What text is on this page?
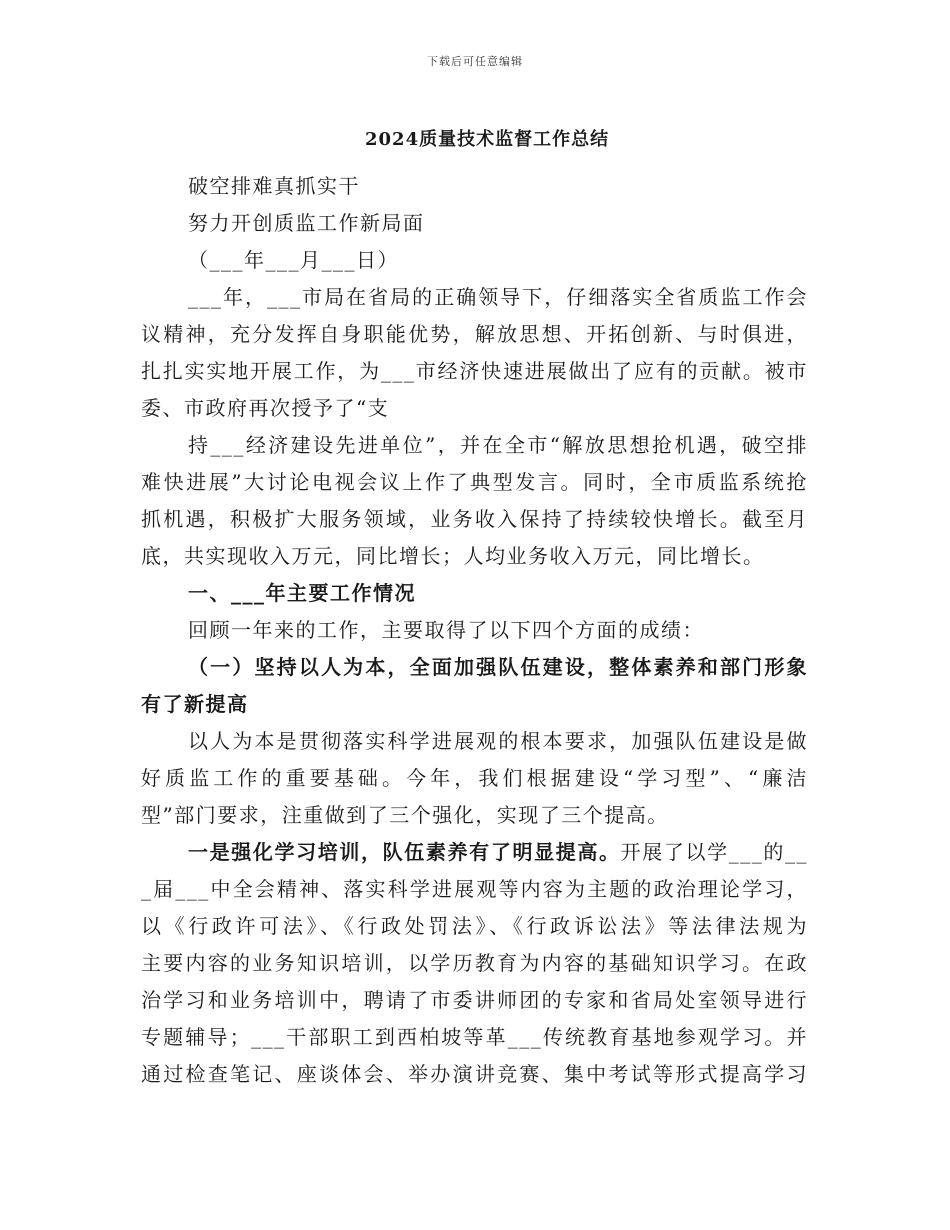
下载后可任意编辑
2024质量技术监督工作总结
破空排难真抓实干
努力开创质监工作新局面
（___年___月___日）
___年，___市局在省局的正确领导下，仔细落实全省质监工作会
议精神，充分发挥自身职能优势，解放思想、开拓创新、与时俱进，
扎扎实实地开展工作，为___市经济快速进展做出了应有的贡献。被市
委、市政府再次授予了“支
持___经济建设先进单位”，并在全市“解放思想抢机遇，破空排
难快进展”大讨论电视会议上作了典型发言。同时，全市质监系统抢
抓机遇，积极扩大服务领域，业务收入保持了持续较快增长。截至月
底，共实现收入万元，同比增长；人均业务收入万元，同比增长。
一、___年主要工作情况
回顾一年来的工作，主要取得了以下四个方面的成绩：
（一）坚持以人为本，全面加强队伍建设，整体素养和部门形象
有了新提高
以人为本是贯彻落实科学进展观的根本要求，加强队伍建设是做
好质监工作的重要基础。今年，我们根据建设“学习型”、“廉洁
型”部门要求，注重做到了三个强化，实现了三个提高。
一是强化学习培训，队伍素养有了明显提高。开展了以学___的__
_届___中全会精神、落实科学进展观等内容为主题的政治理论学习，
以《行政许可法》、《行政处罚法》、《行政诉讼法》等法律法规为
主要内容的业务知识培训，以学历教育为内容的基础知识学习。在政
治学习和业务培训中，聘请了市委讲师团的专家和省局处室领导进行
专题辅导；___干部职工到西柏坡等革___传统教育基地参观学习。并
通过检查笔记、座谈体会、举办演讲竞赛、集中考试等形式提高学习
